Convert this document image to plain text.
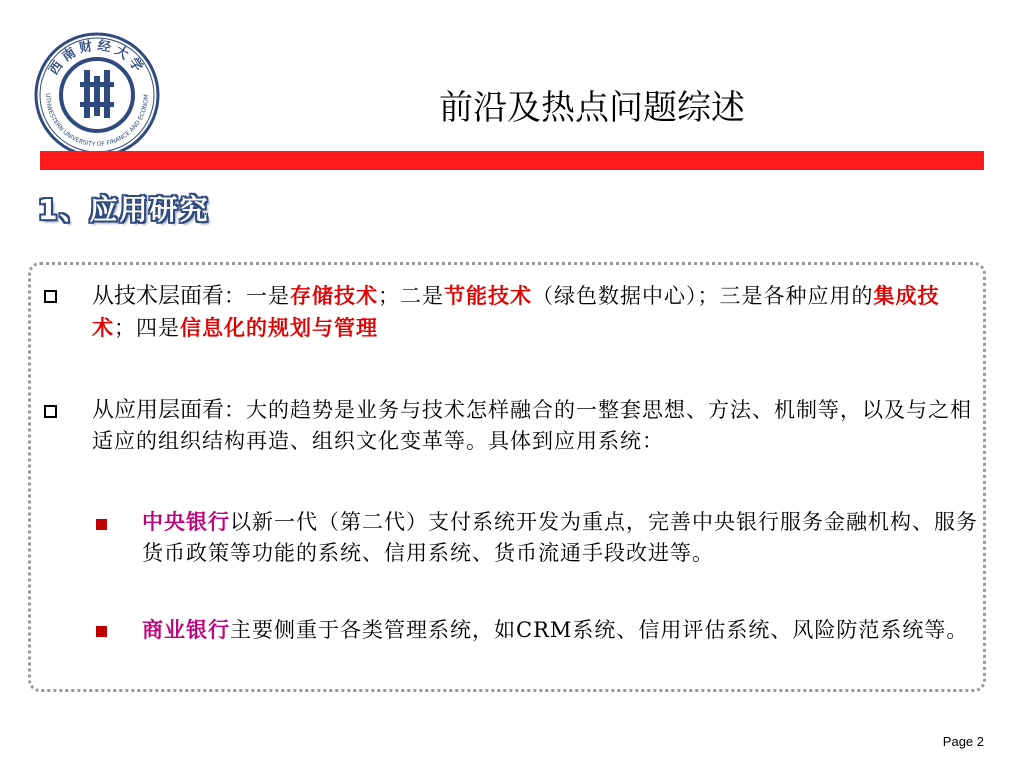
西南财经大学
UTHWESTERN UNIVERSITY OF FINANCE AND ECONOM	前沿及热点问题综述
1、应用研究
从技术层面看：一是存储技术；二是节能技术（绿色数据中心）；三是各种应用的集成技术；四是信息化的规划与管理
从应用层面看：大的趋势是业务与技术怎样融合的一整套思想、方法、机制等，以及与之相适应的组织结构再造、组织文化变革等。具体到应用系统：
中央银行以新一代（第二代）支付系统开发为重点，完善中央银行服务金融机构、服务货币政策等功能的系统、信用系统、货币流通手段改进等。
商业银行主要侧重于各类管理系统，如CRM系统、信用评估系统、风险防范系统等。
Page 2
